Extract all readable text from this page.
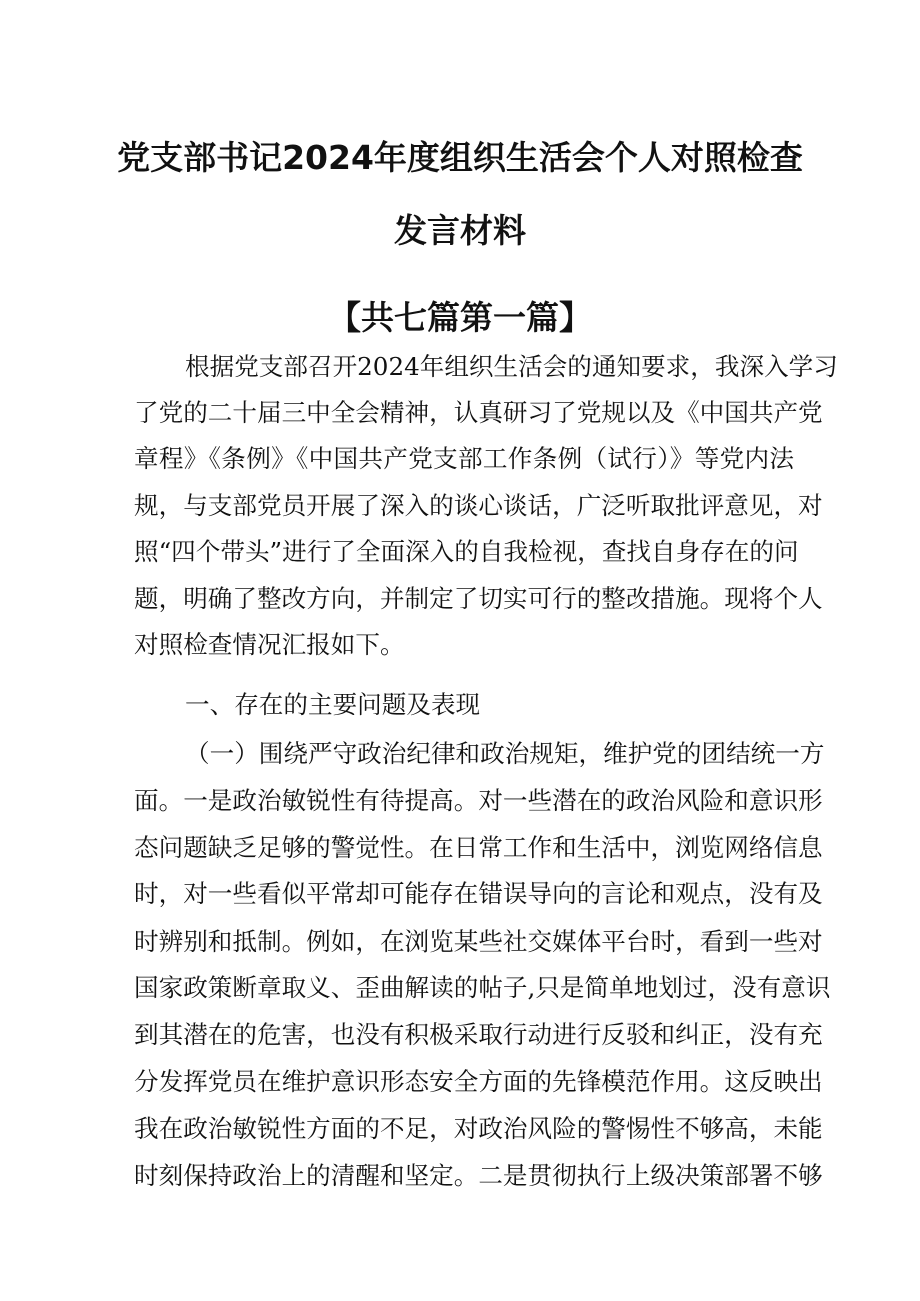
党支部书记2024年度组织生活会个人对照检查
发言材料
【共七篇第一篇】
根据党支部召开2024年组织生活会的通知要求，我深入学习
了党的二十届三中全会精神，认真研习了党规以及《中国共产党
章程》《条例》《中国共产党支部工作条例（试行）》等党内法
规，与支部党员开展了深入的谈心谈话，广泛听取批评意见，对
照“四个带头”进行了全面深入的自我检视，查找自身存在的问
题，明确了整改方向，并制定了切实可行的整改措施。现将个人
对照检查情况汇报如下。
一、存在的主要问题及表现
（一）围绕严守政治纪律和政治规矩，维护党的团结统一方
面。一是政治敏锐性有待提高。对一些潜在的政治风险和意识形
态问题缺乏足够的警觉性。在日常工作和生活中，浏览网络信息
时，对一些看似平常却可能存在错误导向的言论和观点，没有及
时辨别和抵制。例如，在浏览某些社交媒体平台时，看到一些对
国家政策断章取义、歪曲解读的帖子,只是简单地划过，没有意识
到其潜在的危害，也没有积极采取行动进行反驳和纠正，没有充
分发挥党员在维护意识形态安全方面的先锋模范作用。这反映出
我在政治敏锐性方面的不足，对政治风险的警惕性不够高，未能
时刻保持政治上的清醒和坚定。二是贯彻执行上级决策部署不够
